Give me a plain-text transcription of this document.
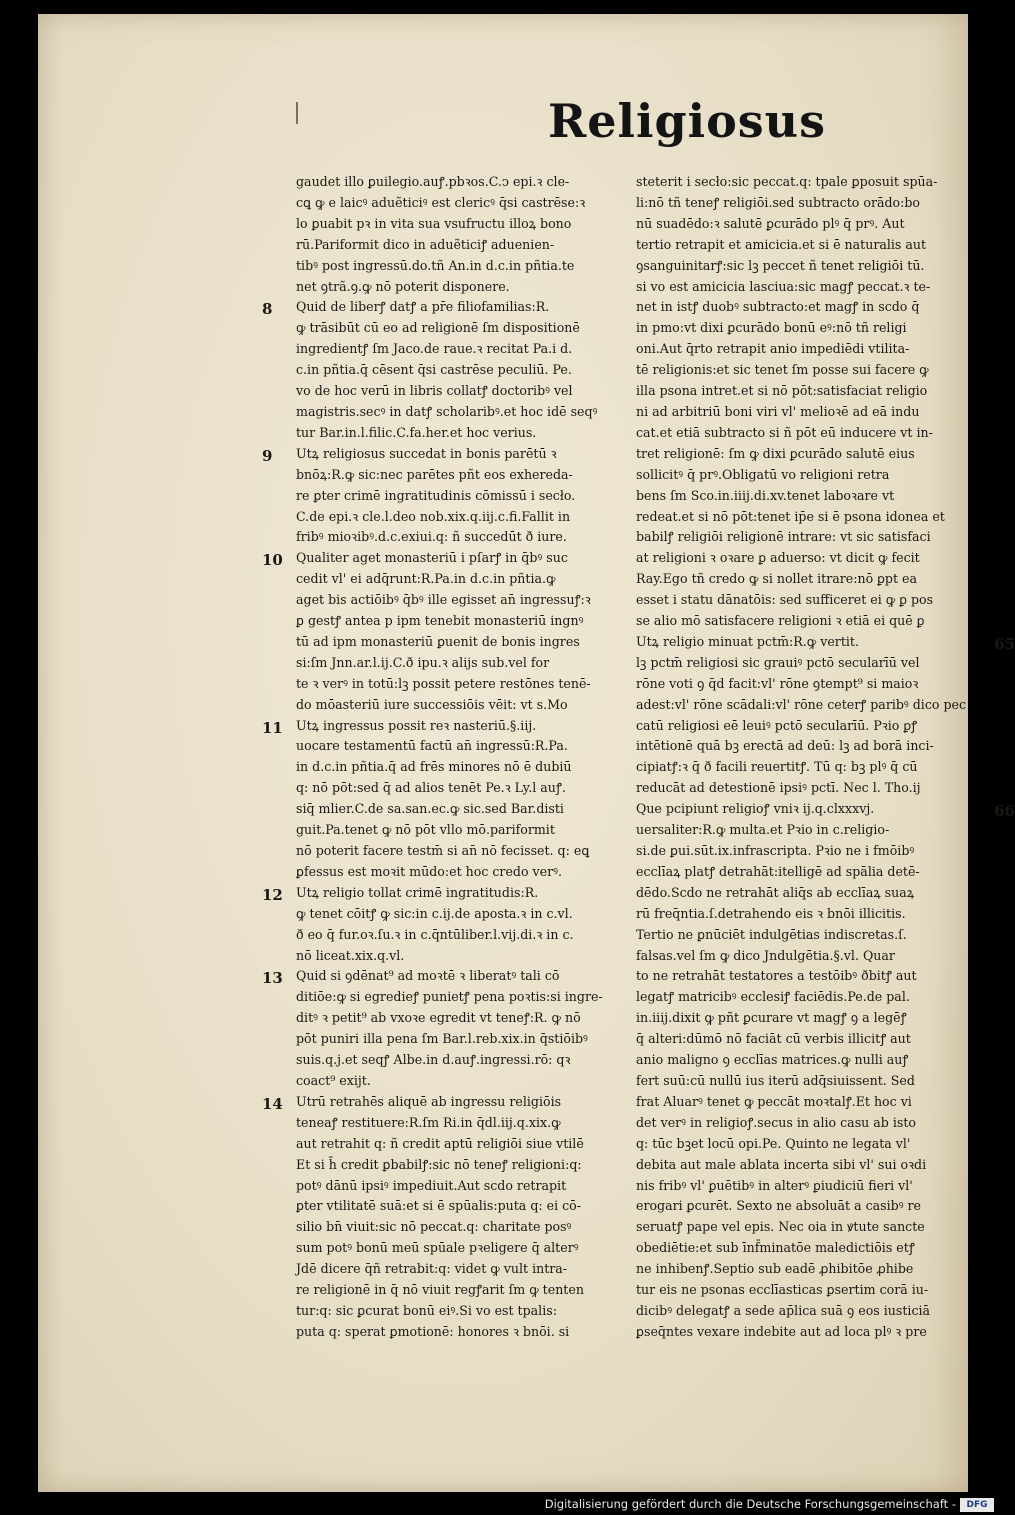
Religiosus
gaudet illo ꝑuilegio.auꝭ.pbꝛos.C.ↄ epi.ꝛ cle-
cꝗ ꝙ e laicꝰ aduẽticiꝰ est clericꝰ q̄si castrēse:ꝛ
lo ꝑuabit pꝛ in vita sua vsufructu illoꝝ bono
rū.Pariformit dico in aduẽticiꝭ aduenien-
tibꝰ post ingressū.do.tñ An.in d.c.in pñtia.te
net ꝯtrã.ꝯ.ꝙ nō poterit disponere.
8 Quid de liberꝭ datꝭ a pr̄e filiofamilias:R.
ꝙ trāsibūt cū eo ad religionē ſm dispositionē
ingredientꝭ ſm Jaco.de raue.ꝛ recitat Pa.i d.
c.in pñtia.q̄ cēsent q̄si castrēse peculiū. Pe.
vo de hoc verū in libris collatꝭ doctoribꝰ vel
magistris.secꝰ in datꝭ scholaribꝰ.et hoc idē seqꝰ
tur Bar.in.l.filic.C.fa.her.et hoc verius.
9 Utꝝ religiosus succedat in bonis parētū ꝛ
bnōꝝ:R.ꝙ sic:nec parētes pñt eos exhereda-
re ꝑter crimē ingratitudinis cōmissū i secło.
C.de epi.ꝛ cle.l.deo nob.xix.q.iij.c.fi.Fallit in
fribꝰ mioꝛibꝰ.d.c.exiui.q: ñ succedūt ð iure.
10 Qualiter aget monasteriū i pſarꝭ in q̄bꝰ suc
cedit vl' ei adq̄runt:R.Pa.in d.c.in pñtia.ꝙ
aget bis actiōibꝰ q̄bꝰ ille egisset an̄ ingressuꝭ:ꝛ
ꝑ gestꝭ antea p ipm tenebit monasteriū ingnꝰ
tū ad ipm monasteriū ꝑuenit de bonis ingres
si:ſm Jnn.ar.l.ij.C.ð ipu.ꝛ alijs sub.vel for
te ꝛ verꝰ in totū:lꝫ possit petere restōnes tenē-
do mōasteriū iure successiōis vēit: vt s.Mo
11 Utꝝ ingressus possit reꝛ nasteriū.§.iij.
uocare testamentū factū an̄ ingressū:R.Pa.
in d.c.in pñtia.q̄ ad frēs minores nō ē dubiū
q: nō pōt:sed q̄ ad alios tenēt Pe.ꝛ Ly.l auꝭ.
siq̄ mlier.C.de sa.san.ec.ꝙ sic.sed Bar.disti
guit.Pa.tenet ꝙ nō pōt vllo mō.pariformit
nō poterit facere testm̄ si an̄ nō fecisset. q: eꝗ
ꝑfessus est moꝛit mūdo:et hoc credo verꝰ.
12 Utꝝ religio tollat crimē ingratitudis:R.
ꝙ tenet cōitꝭ ꝙ sic:in c.ij.de aposta.ꝛ in c.vl.
ð eo q̄ fur.oꝛ.ſu.ꝛ in c.q̄ntūliber.l.vij.di.ꝛ in c.
nō liceat.xix.q.vl.
13 Quid si ꝯdēnat⁹ ad moꝛtē ꝛ liberatꝰ tali cō
ditiōe:ꝙ si egredieꝭ punietꝭ pena poꝛtis:si ingre-
ditꝰ ꝛ petit⁹ ab vxoꝛe egredit vt teneꝭ:R. ꝙ nō
pōt puniri illa pena ſm Bar.l.reb.xix.in q̄stiōibꝰ
suis.q.j.et seqꝭ Albe.in d.auꝭ.ingressi.rō: qꝛ
coact⁹ exijt.
14 Utrū retrahēs aliquē ab ingressu religiōis
teneaꝭ restituere:R.ſm Ri.in q̄dl.iij.q.xix.ꝙ
aut retrahit q: ñ credit aptū religiōi siue vtilē
Et si h̄ credit ꝑbabilꝭ:sic nō teneꝭ religioni:q:
potꝰ dānū ipsiꝰ impediuit.Aut scdo retrapit
ꝑter vtilitatē suā:et si ē spūalis:puta q: ei cō-
silio bn̄ viuit:sic nō peccat.q: charitate posꝰ
sum potꝰ bonū meū spūale pꝛeligere q̄ alterꝰ
Jdē dicere q̄ñ retrabit:q: videt ꝙ vult intra-
re religionē in q̄ nō viuit regꝭarit ſm ꝙ tenten
tur:q: sic ꝑcurat bonū eiꝰ.Si vo est tpalis:
puta q: sperat ꝑmotionē: honores ꝛ bnōi. si
steterit i secło:sic peccat.q: tpale ꝑposuit spūa-
li:nō tñ teneꝭ religiōi.sed subtracto orādo:bo
nū suadēdo:ꝛ salutē ꝑcurādo plꝰ q̄ prꝰ. Aut
tertio retrapit et amicicia.et si ē naturalis aut
ꝯsanguinitarꝭ:sic lꝫ peccet ñ tenet religiōi tū.
si vo est amicicia lasciua:sic magꝭ peccat.ꝛ te-
net in istꝭ duobꝰ subtracto:et magꝭ in scdo q̄
in pmo:vt dixi ꝑcurādo bonū eꝰ:nō tñ religi
oni.Aut q̄rto retrapit anio impediēdi vtilita-
tē religionis:et sic tenet ſm posse sui facere ꝙ
illa psona intret.et si nō pōt:satisfaciat religio
ni ad arbitriū boni viri vl' melioꝛē ad eā indu
cat.et etiā subtracto si ñ pōt eū inducere vt in-
tret religionē: ſm ꝙ dixi ꝑcurādo salutē eius
sollicitꝰ q̄ prꝰ.Obligatū vo religioni retra
bens ſm Sco.in.iiij.di.xv.tenet laboꝛare vt
redeat.et si nō pōt:tenet ip̄e si ē psona idonea et
babilꝭ religiōi religionē intrare: vt sic satisfaci
at religioni ꝛ oꝛare ꝑ aduerso: vt dicit ꝙ fecit
Ray.Ego tñ credo ꝙ si nollet itrare:nō ꝑpt ea
esset i statu dānatōis: sed sufficeret ei ꝙ ꝑ pos
se alio mō satisfacere religioni ꝛ etiā ei quē ꝑ
65
Utꝝ religio minuat pctm̄:R.ꝙ vertit.
lꝫ pctm̄ religiosi sic grauiꝰ pctō secularīū vel
rōne voti ꝯ q̄d facit:vl' rōne ꝯtempt⁹ si maioꝛ
adest:vl' rōne scādali:vl' rōne ceterꝭ paribꝰ dico pec
catū religiosi eē leuiꝰ pctō secularīū. Pꝛio ꝑꝭ
intētionē quā bꝫ erectā ad deū: lꝫ ad borā inci-
cipiatꝭ:ꝛ q̄ ð facili reuertitꝭ. Tū q: bꝫ plꝰ q̄ cū
reducāt ad detestionē ipsiꝰ pctī. Nec l. Tho.ij
66
Que pcipiunt religioꝭ vniꝛ ij.q.clxxxvj.
uersaliter:R.ꝙ multa.et Pꝛio in c.religio-
si.de ꝑui.sūt.ix.infrascripta. Pꝛio ne i fmōibꝰ
ecclīaꝝ platꝭ detrahāt:itelligē ad spālia detē-
dēdo.Scdo ne retrahāt aliq̄s ab ecclīaꝝ suaꝝ
rū freq̄ntia.ſ.detrahendo eis ꝛ bnōi illicitis.
Tertio ne ꝑnūciēt indulgētias indiscretas.ſ.
falsas.vel ſm ꝙ dico Jndulgētia.§.vl. Quar
to ne retrahāt testatores a testōibꝰ ðbitꝭ aut
legatꝭ matricibꝰ ecclesiꝭ faciēdis.Pe.de pal.
in.iiij.dixit ꝙ pñt ꝑcurare vt magꝭ ꝯ a legēꝭ
q̄ alteri:dūmō nō faciāt cū verbis illicitꝭ aut
anio maligno ꝯ ecclīas matrices.ꝙ nulli auꝭ
fert suū:cū nullū ius iterū adq̄siuissent. Sed
frat Aluarꝰ tenet ꝙ peccāt moꝛtalꝭ.Et hoc vi
det verꝰ in religioꝭ.secus in alio casu ab isto
q: tūc bꝫet locū opi.Pe. Quinto ne legata vl'
debita aut male ablata incerta sibi vl' sui oꝛdi
nis fribꝰ vl' ꝑuētibꝰ in alterꝰ ꝑiudiciū fieri vl'
erogari ꝑcurēt. Sexto ne absoluāt a casibꝰ re
seruatꝭ pape vel epis. Nec oia in ꝟtute sancte
obediētie:et sub īnf̄minatōe maledictiōis etꝭ
ne inhibenꝭ.Septio sub eadē ꝓhibitōe ꝓhibe
tur eis ne psonas ecclīasticas ꝑsertim corā iu-
dicibꝰ delegatꝭ a sede ap̄lica suā ꝯ eos iusticiā
ꝑseq̄ntes vexare indebite aut ad loca plꝰ ꝛ pre
Digitalisierung gefördert durch die Deutsche Forschungsgemeinschaft -	DFG
